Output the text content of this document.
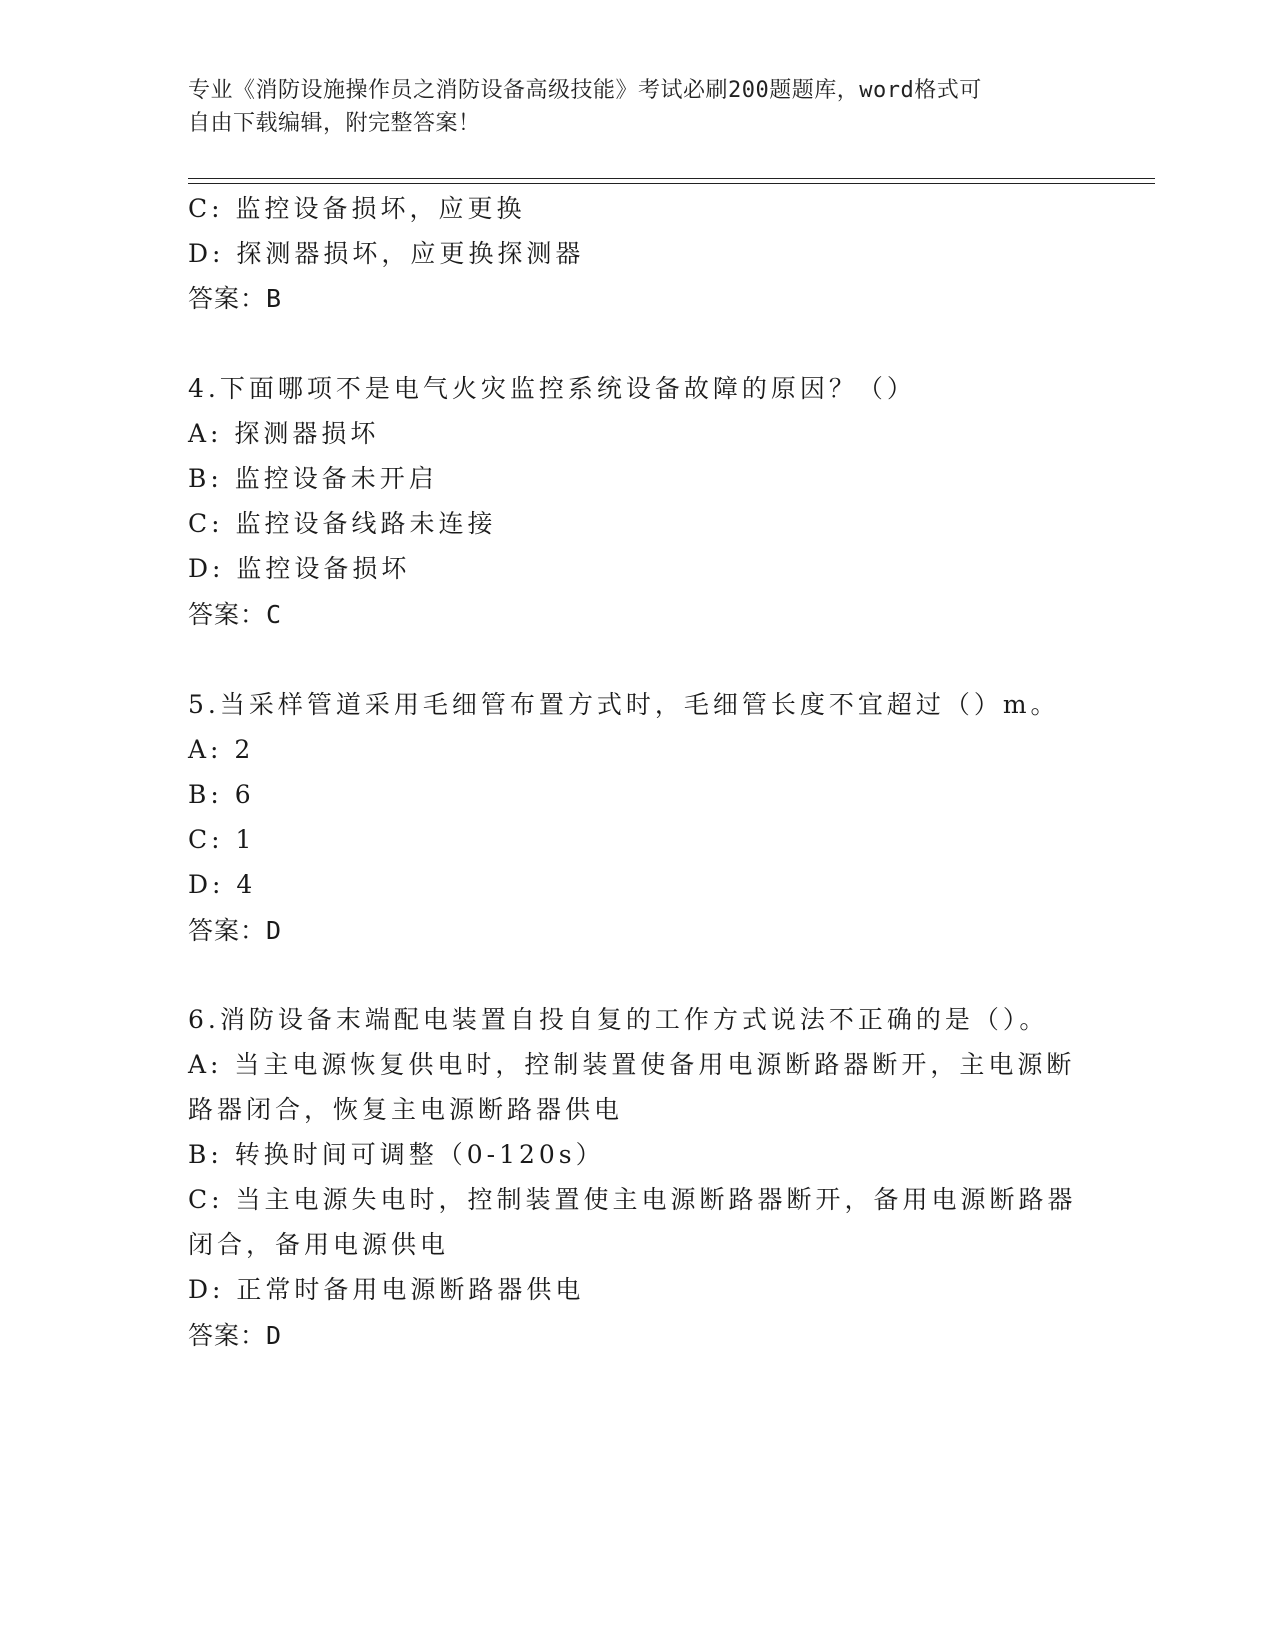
专业《消防设施操作员之消防设备高级技能》考试必刷200题题库，word格式可
自由下载编辑，附完整答案！
C: 监控设备损坏，应更换
D: 探测器损坏，应更换探测器
答案：B
4.下面哪项不是电气火灾监控系统设备故障的原因？（）
A: 探测器损坏
B: 监控设备未开启
C: 监控设备线路未连接
D: 监控设备损坏
答案：C
5.当采样管道采用毛细管布置方式时，毛细管长度不宜超过（）m。
A: 2
B: 6
C: 1
D: 4
答案：D
6.消防设备末端配电装置自投自复的工作方式说法不正确的是（）。
A: 当主电源恢复供电时，控制装置使备用电源断路器断开，主电源断
路器闭合，恢复主电源断路器供电
B: 转换时间可调整（0-120s）
C: 当主电源失电时，控制装置使主电源断路器断开，备用电源断路器
闭合，备用电源供电
D: 正常时备用电源断路器供电
答案：D
